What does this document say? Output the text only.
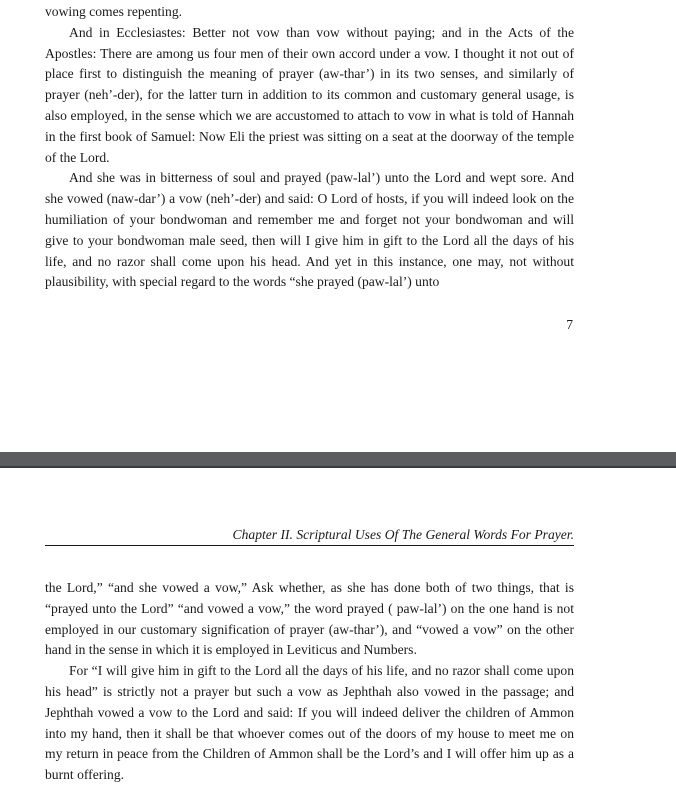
vowing comes repenting.

And in Ecclesiastes: Better not vow than vow without paying; and in the Acts of the Apostles: There are among us four men of their own accord under a vow. I thought it not out of place first to distinguish the meaning of prayer (aw-thar’) in its two senses, and similarly of prayer (neh’-der), for the latter turn in addition to its common and customary general usage, is also employed, in the sense which we are accustomed to attach to vow in what is told of Hannah in the first book of Samuel: Now Eli the priest was sitting on a seat at the doorway of the temple of the Lord.

And she was in bitterness of soul and prayed (paw-lal’) unto the Lord and wept sore. And she vowed (naw-dar’) a vow (neh’-der) and said: O Lord of hosts, if you will indeed look on the humiliation of your bondwoman and remember me and forget not your bondwoman and will give to your bondwoman male seed, then will I give him in gift to the Lord all the days of his life, and no razor shall come upon his head. And yet in this instance, one may, not without plausibility, with special regard to the words “she prayed (paw-lal’) unto

7
Chapter II. Scriptural Uses Of The General Words For Prayer.

the Lord,” “and she vowed a vow,” Ask whether, as she has done both of two things, that is “prayed unto the Lord” “and vowed a vow,” the word prayed ( paw-lal’) on the one hand is not employed in our customary signification of prayer (aw-thar’), and “vowed a vow” on the other hand in the sense in which it is employed in Leviticus and Numbers.

For “I will give him in gift to the Lord all the days of his life, and no razor shall come upon his head” is strictly not a prayer but such a vow as Jephthah also vowed in the passage; and Jephthah vowed a vow to the Lord and said: If you will indeed deliver the children of Ammon into my hand, then it shall be that whoever comes out of the doors of my house to meet me on my return in peace from the Children of Ammon shall be the Lord’s and I will offer him up as a burnt offering.
